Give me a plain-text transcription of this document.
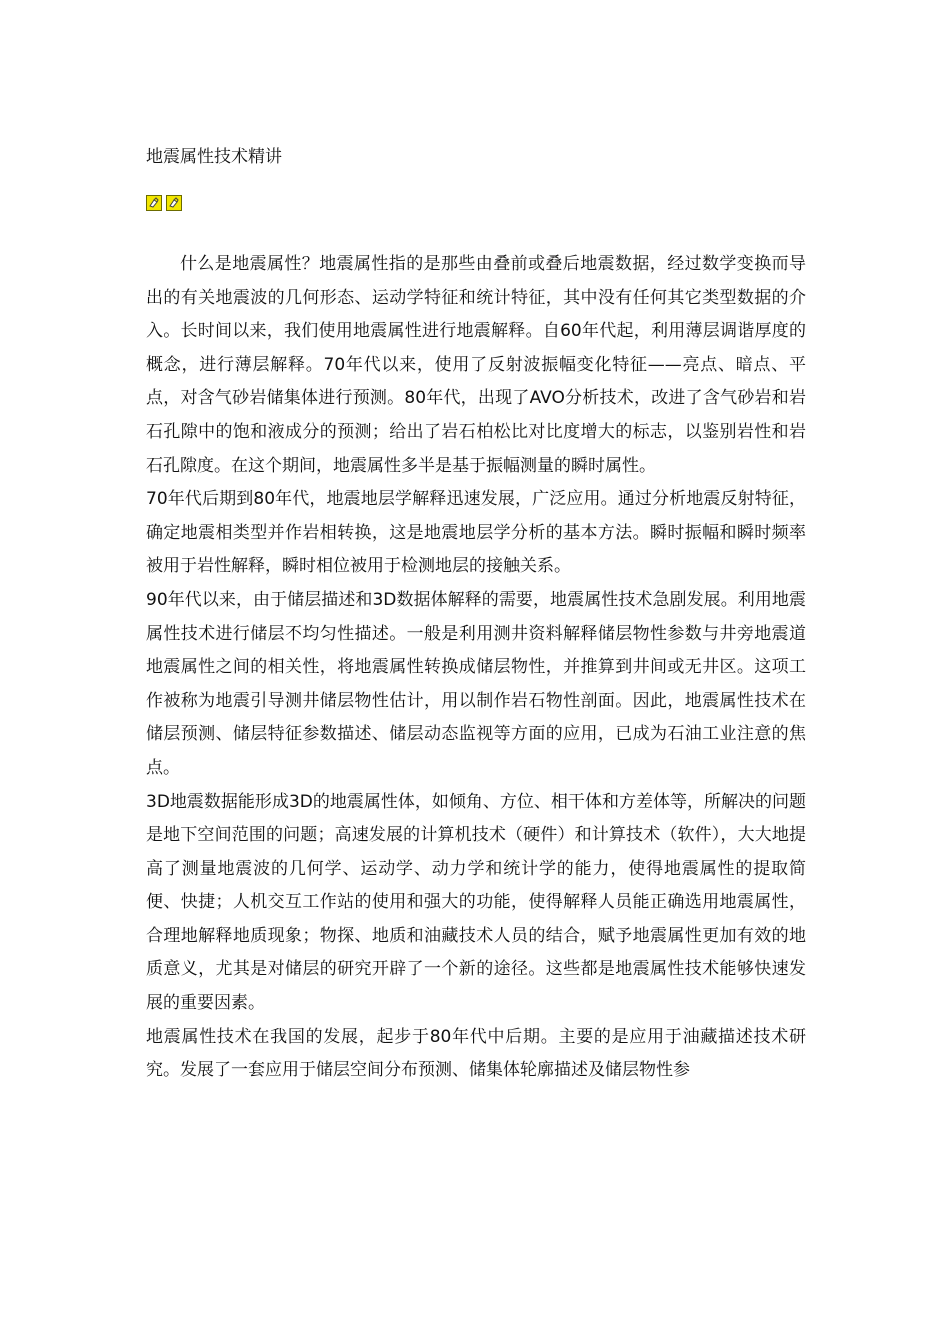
地震属性技术精讲

什么是地震属性？地震属性指的是那些由叠前或叠后地震数据，经过数学变换而导出的有关地震波的几何形态、运动学特征和统计特征，其中没有任何其它类型数据的介入。长时间以来，我们使用地震属性进行地震解释。自60年代起，利用薄层调谐厚度的概念，进行薄层解释。70年代以来，使用了反射波振幅变化特征——亮点、暗点、平点，对含气砂岩储集体进行预测。80年代，出现了AVO分析技术，改进了含气砂岩和岩石孔隙中的饱和液成分的预测；给出了岩石柏松比对比度增大的标志，以鉴别岩性和岩石孔隙度。在这个期间，地震属性多半是基于振幅测量的瞬时属性。

70年代后期到80年代，地震地层学解释迅速发展，广泛应用。通过分析地震反射特征，确定地震相类型并作岩相转换，这是地震地层学分析的基本方法。瞬时振幅和瞬时频率被用于岩性解释，瞬时相位被用于检测地层的接触关系。

90年代以来，由于储层描述和3D数据体解释的需要，地震属性技术急剧发展。利用地震属性技术进行储层不均匀性描述。一般是利用测井资料解释储层物性参数与井旁地震道地震属性之间的相关性，将地震属性转换成储层物性，并推算到井间或无井区。这项工作被称为地震引导测井储层物性估计，用以制作岩石物性剖面。因此，地震属性技术在储层预测、储层特征参数描述、储层动态监视等方面的应用，已成为石油工业注意的焦点。

3D地震数据能形成3D的地震属性体，如倾角、方位、相干体和方差体等，所解决的问题是地下空间范围的问题；高速发展的计算机技术（硬件）和计算技术（软件），大大地提高了测量地震波的几何学、运动学、动力学和统计学的能力，使得地震属性的提取简便、快捷；人机交互工作站的使用和强大的功能，使得解释人员能正确选用地震属性，合理地解释地质现象；物探、地质和油藏技术人员的结合，赋予地震属性更加有效的地质意义，尤其是对储层的研究开辟了一个新的途径。这些都是地震属性技术能够快速发展的重要因素。

地震属性技术在我国的发展，起步于80年代中后期。主要的是应用于油藏描述技术研究。发展了一套应用于储层空间分布预测、储集体轮廓描述及储层物性参
